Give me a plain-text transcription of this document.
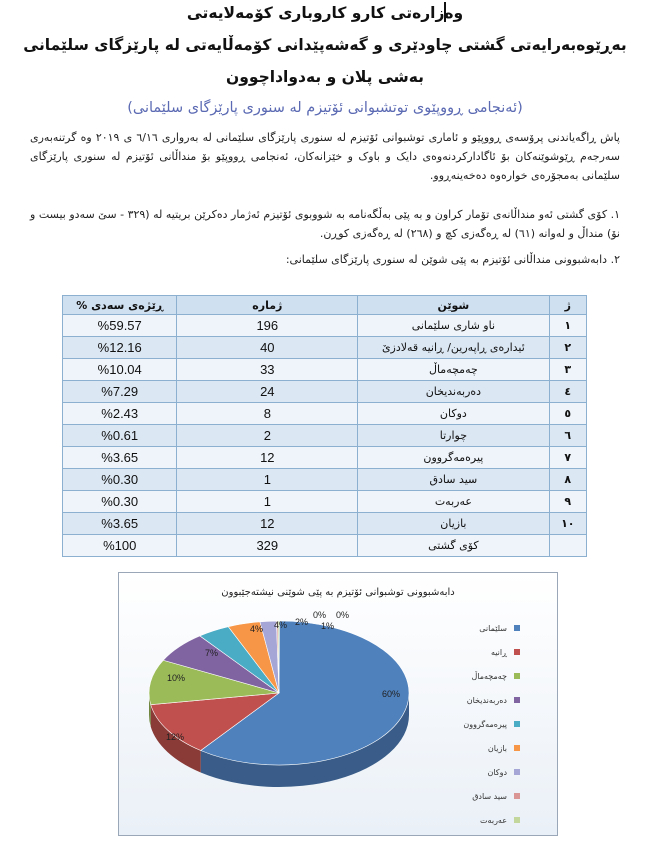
وەزارەتی کارو کاروباری کۆمەلایەتی
بەڕێوەبەرایەتی گشتی چاودێری و گەشەپێدانی کۆمەڵایەتی لە پارێزگای سلێمانی
بەشی پلان و بەدواداچوون
(ئەنجامی ڕووپێوی توتشبوانی ئۆتیزم لە سنوری پارێزگای سلێمانی)
پاش ڕاگەیاندنی پرۆسەی ڕووپێو و ئاماری توشبوانی ئۆتیزم لە سنوری پارێزگای سلێمانی لە بەرواری ٦/١٦ ی ٢٠١٩ وە گرتنەبەری سەرجەم ڕێوشوێنەکان بۆ ئاگادارکردنەوەی دایک و باوک و خێزانەکان، ئەنجامی ڕووپێو بۆ منداڵانی ئۆتیزم لە سنوری پارێزگای سلێمانی بەمجۆرەی خوارەوە دەخەینەڕوو.
١. کۆی گشتی ئەو منداڵانەی تۆمار کراون و بە پێی بەڵگەنامە بە شووبوی ئۆتیزم ئەژمار دەکرێن بریتیە لە (٣٢٩ - سێ سەدو بیست و نۆ) منداڵ و لەوانە (٦١) لە ڕەگەزی کچ و (٢٦٨) لە ڕەگەزی کوڕن.
٢. دابەشبوونی منداڵانی ئۆتیزم بە پێی شوێن لە سنوری پارێزگای سلێمانی:
ژ	شوێن	ژمارە	ڕێژەی سەدی %
١	ناو شاری سلێمانی	196	%59.57
٢	ئیدارەی ڕاپەرین/ ڕانیە قەلادزێ	40	%12.16
٣	چەمچەماڵ	33	%10.04
٤	دەربەندیخان	24	%7.29
٥	دوکان	8	%2.43
٦	چوارتا	2	%0.61
٧	پیرەمەگروون	12	%3.65
٨	سید سادق	1	%0.30
٩	عەربەت	1	%0.30
١٠	بازیان	12	%3.65
	کۆی گشتی	329	%100
دابەشبوونی توشبوانی ئۆتیزم بە پێی شوێنی نیشتەجێبوون
60%
12%
10%
7%
4% 4% 2%
0% 0%
1%	سلێمانی
ڕانیە
چەمچەماڵ
دەربەندیخان
پیرەمەگروون
بازیان
دوکان
سید سادق
عەربەت
